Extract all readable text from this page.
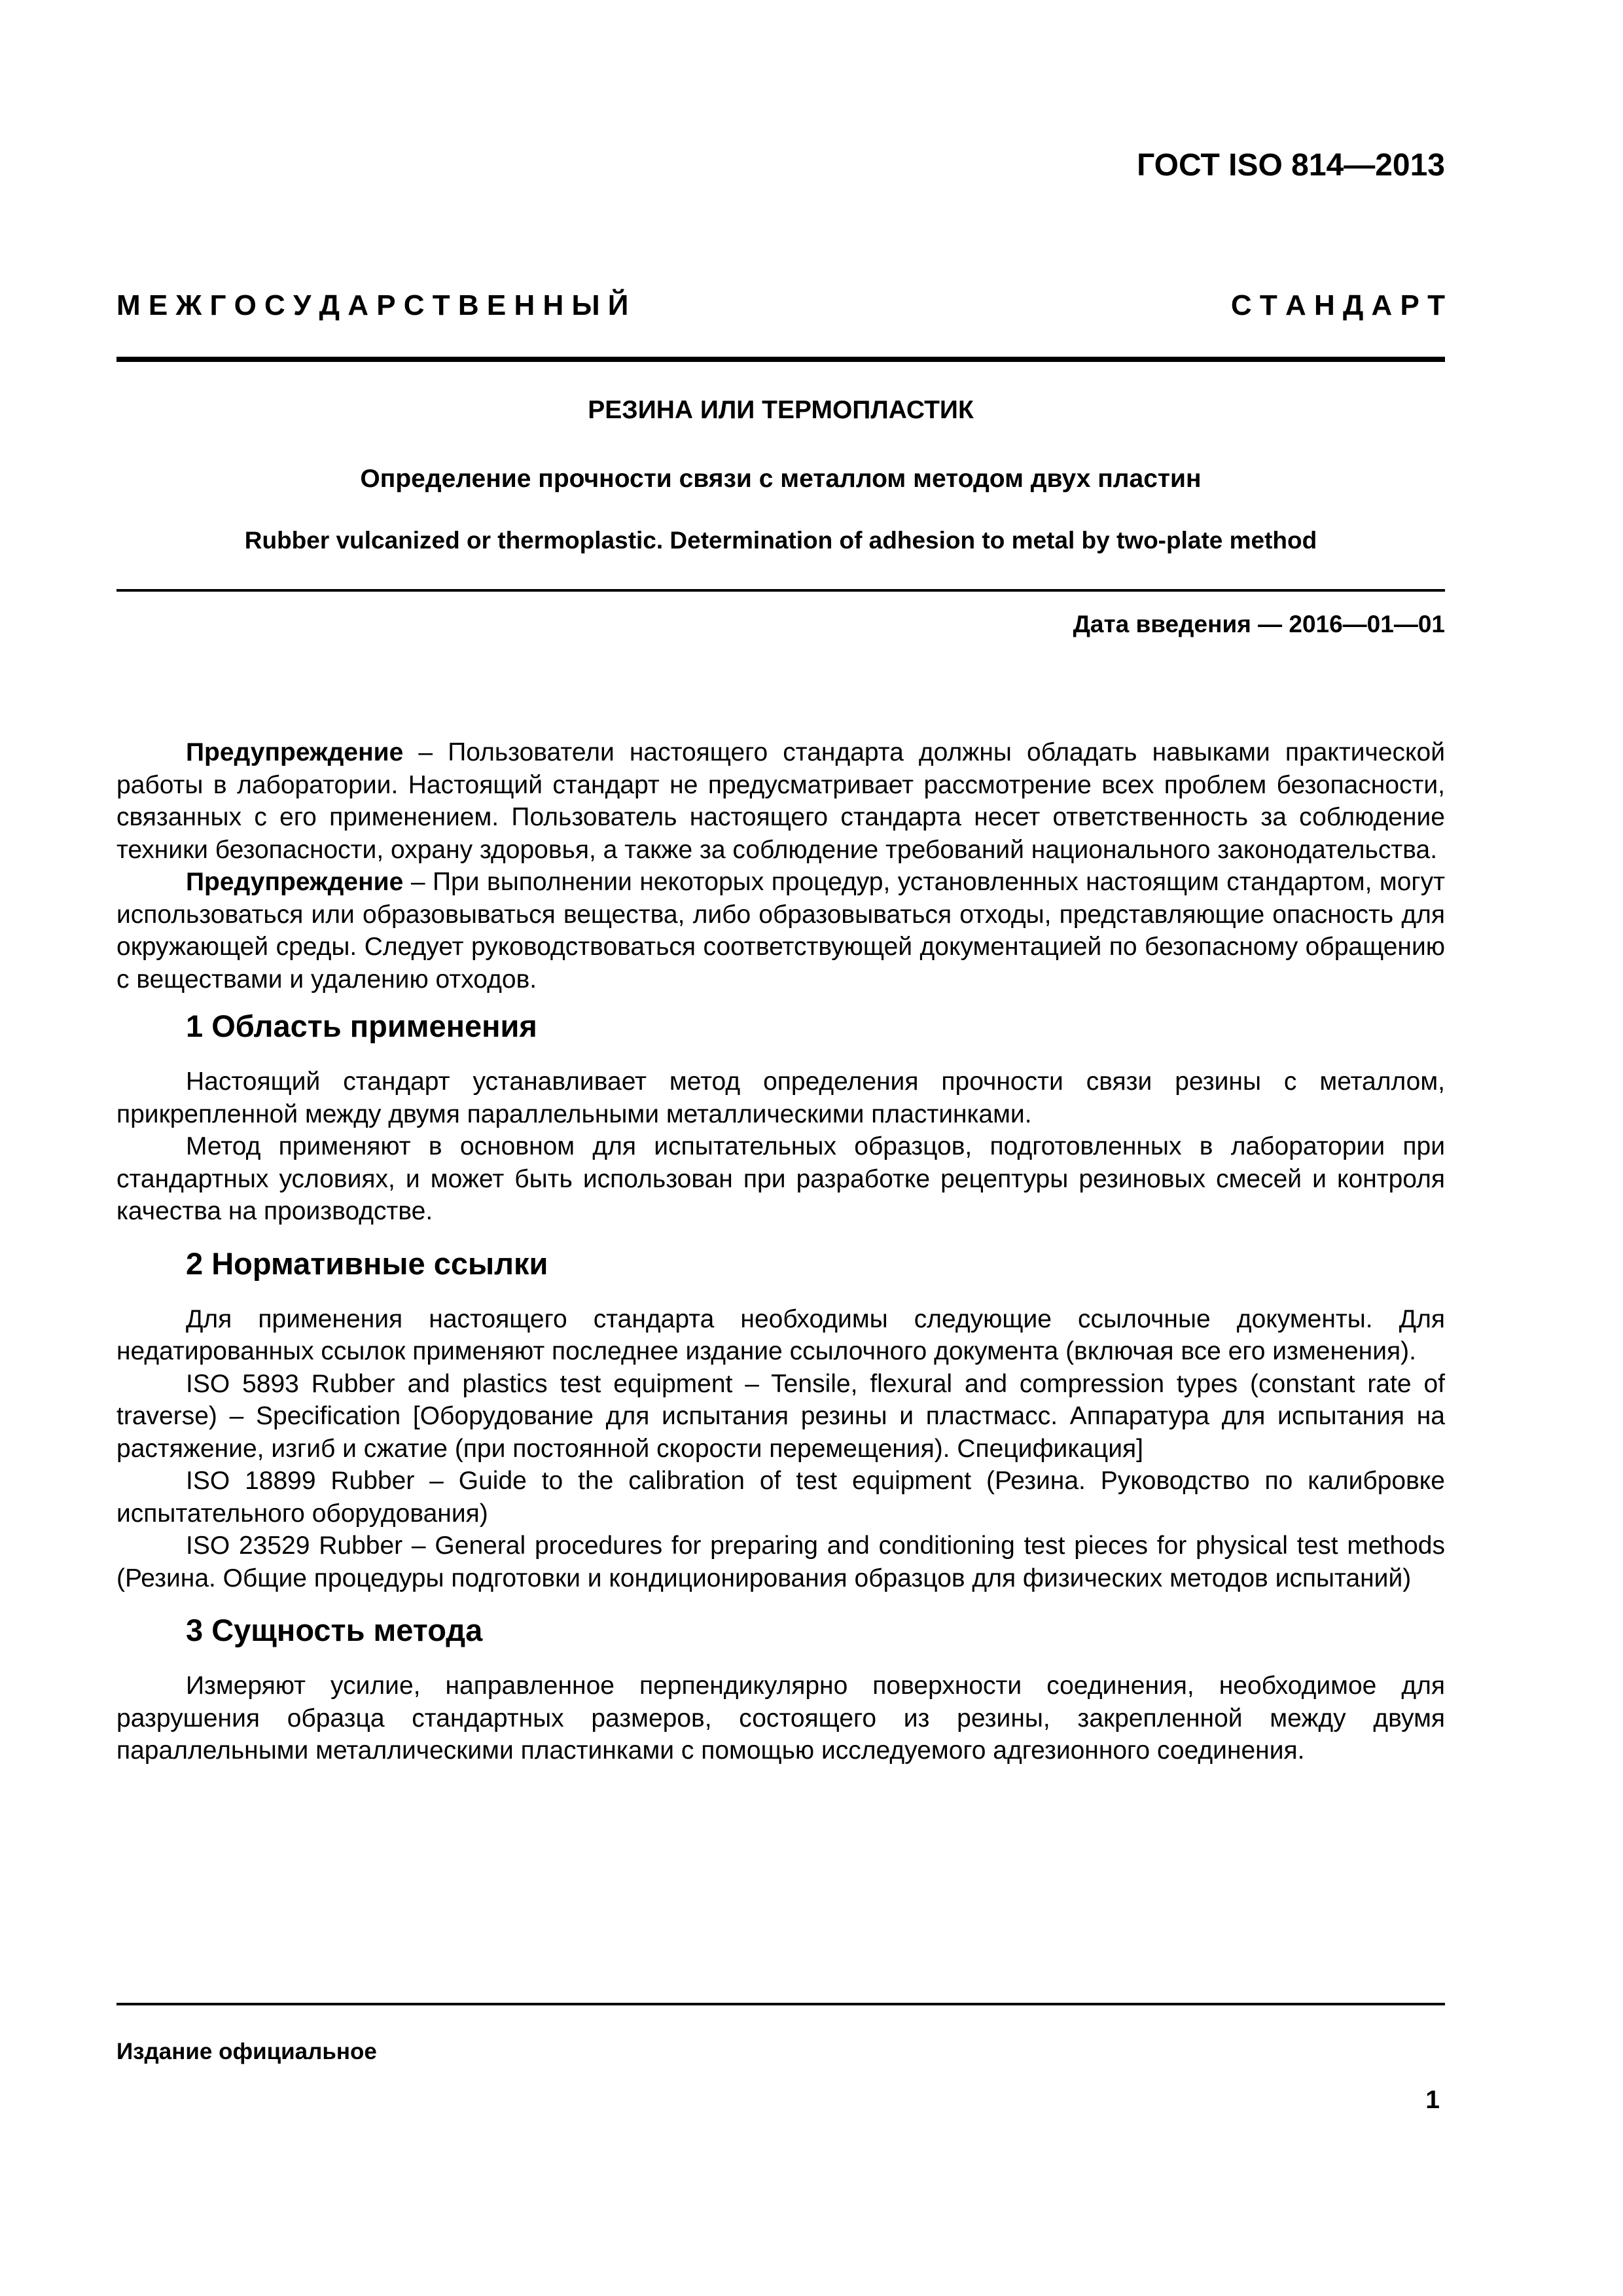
ГОСТ ISO 814—2013
М Е Ж Г О С У Д А Р С Т В Е Н Н Ы Й	С Т А Н Д А Р Т
РЕЗИНА ИЛИ ТЕРМОПЛАСТИК
Определение прочности связи с металлом методом двух пластин
Rubber vulcanized or thermoplastic. Determination of adhesion to metal by two-plate method
Дата введения — 2016—01—01

Предупреждение – Пользователи настоящего стандарта должны обладать навыками практической работы в лаборатории. Настоящий стандарт не предусматривает рассмотрение всех проблем безопасности, связанных с его применением. Пользователь настоящего стандарта несет ответственность за соблюдение техники безопасности, охрану здоровья, а также за соблюдение требований национального законодательства.

Предупреждение – При выполнении некоторых процедур, установленных настоящим стандартом, могут использоваться или образовываться вещества, либо образовываться отходы, представляющие опасность для окружающей среды. Следует руководствоваться соответствующей документацией по безопасному обращению с веществами и удалению отходов.

1 Область применения

Настоящий стандарт устанавливает метод определения прочности связи резины с металлом, прикрепленной между двумя параллельными металлическими пластинками.

Метод применяют в основном для испытательных образцов, подготовленных в лаборатории при стандартных условиях, и может быть использован при разработке рецептуры резиновых смесей и контроля качества на производстве.

2 Нормативные ссылки

Для применения настоящего стандарта необходимы следующие ссылочные документы. Для недатированных ссылок применяют последнее издание ссылочного документа (включая все его изменения).

ISO 5893 Rubber and plastics test equipment – Tensile, flexural and compression types (constant rate of traverse) – Specification [Оборудование для испытания резины и пластмасс. Аппаратура для испытания на растяжение, изгиб и сжатие (при постоянной скорости перемещения). Спецификация]

ISO 18899 Rubber – Guide to the calibration of test equipment (Резина. Руководство по калибровке испытательного оборудования)

ISO 23529 Rubber – General procedures for preparing and conditioning test pieces for physical test methods (Резина. Общие процедуры подготовки и кондиционирования образцов для физических методов испытаний)

3 Сущность метода

Измеряют усилие, направленное перпендикулярно поверхности соединения, необходимое для разрушения образца стандартных размеров, состоящего из резины, закрепленной между двумя параллельными металлическими пластинками с помощью исследуемого адгезионного соединения.

Издание официальное
1
